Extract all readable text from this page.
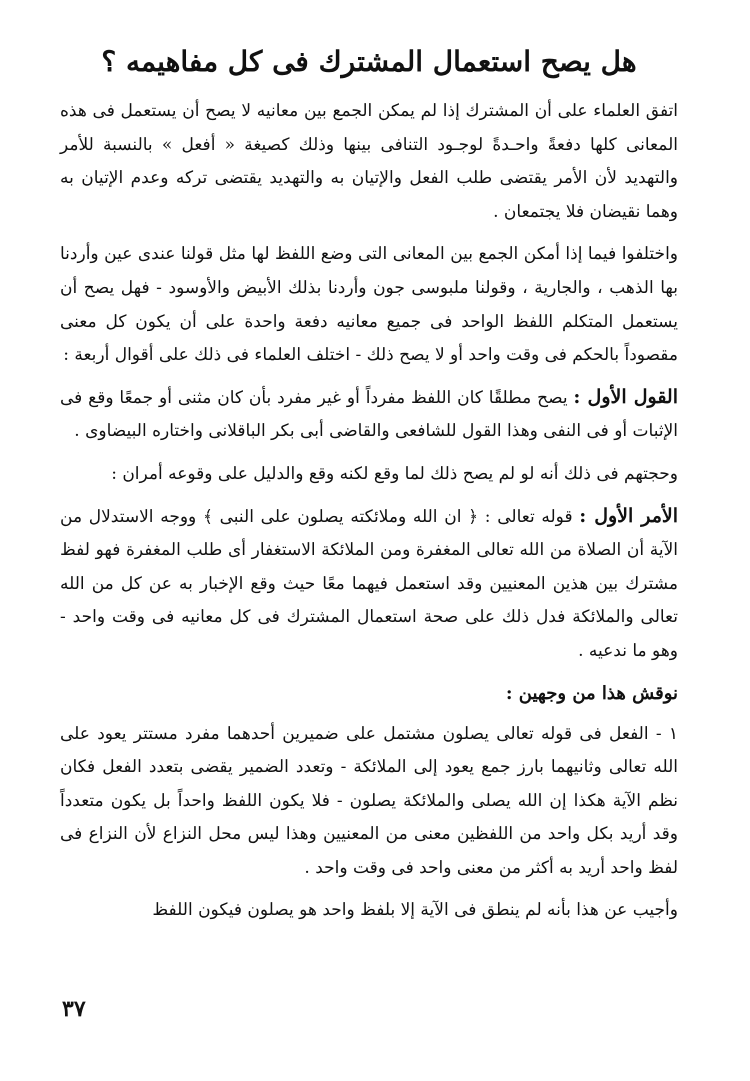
هل يصح استعمال المشترك فى كل مفاهيمه ؟

اتفق العلماء على أن المشترك إذا لم يمكن الجمع بين معانيه لا يصح أن يستعمل فى هذه المعانى كلها دفعةً واحـدةً لوجـود التنافى بينها وذلك كصيغة « أفعل » بالنسبة للأمر والتهديد لأن الأمر يقتضى طلب الفعل والإتيان به والتهديد يقتضى تركه وعدم الإتيان به وهما نقيضان فلا يجتمعان .

واختلفوا فيما إذا أمكن الجمع بين المعانى التى وضع اللفظ لها مثل قولنا عندى عين وأردنا بها الذهب ، والجارية ، وقولنا ملبوسى جون وأردنا بذلك الأبيض والأوسود - فهل يصح أن يستعمل المتكلم اللفظ الواحد فى جميع معانيه دفعة واحدة على أن يكون كل معنى مقصوداً بالحكم فى وقت واحد أو لا يصح ذلك - اختلف العلماء فى ذلك على أقوال أربعة :

القول الأول : يصح مطلقًا كان اللفظ مفرداً أو غير مفرد بأن كان مثنى أو جمعًا وقع فى الإثبات أو فى النفى وهذا القول للشافعى والقاضى أبى بكر الباقلانى واختاره البيضاوى .

وحجتهم فى ذلك أنه لو لم يصح ذلك لما وقع لكنه وقع والدليل على وقوعه أمران :

الأمر الأول : قوله تعالى : ﴿ ان الله وملائكته يصلون على النبى ﴾ ووجه الاستدلال من الآية أن الصلاة من الله تعالى المغفرة ومن الملائكة الاستغفار أى طلب المغفرة فهو لفظ مشترك بين هذين المعنيين وقد استعمل فيهما معًا حيث وقع الإخبار به عن كل من الله تعالى والملائكة فدل ذلك على صحة استعمال المشترك فى كل معانيه فى وقت واحد - وهو ما ندعيه .

نوقش هذا من وجهين :

١ - الفعل فى قوله تعالى يصلون مشتمل على ضميرين أحدهما مفرد مستتر يعود على الله تعالى وثانيهما بارز جمع يعود إلى الملائكة - وتعدد الضمير يقضى بتعدد الفعل فكان نظم الآية هكذا إن الله يصلى والملائكة يصلون - فلا يكون اللفظ واحداً بل يكون متعدداً وقد أريد بكل واحد من اللفظين معنى من المعنيين وهذا ليس محل النزاع لأن النزاع فى لفظ واحد أريد به أكثر من معنى واحد فى وقت واحد .

وأجيب عن هذا بأنه لم ينطق فى الآية إلا بلفظ واحد هو يصلون فيكون اللفظ

٣٧
